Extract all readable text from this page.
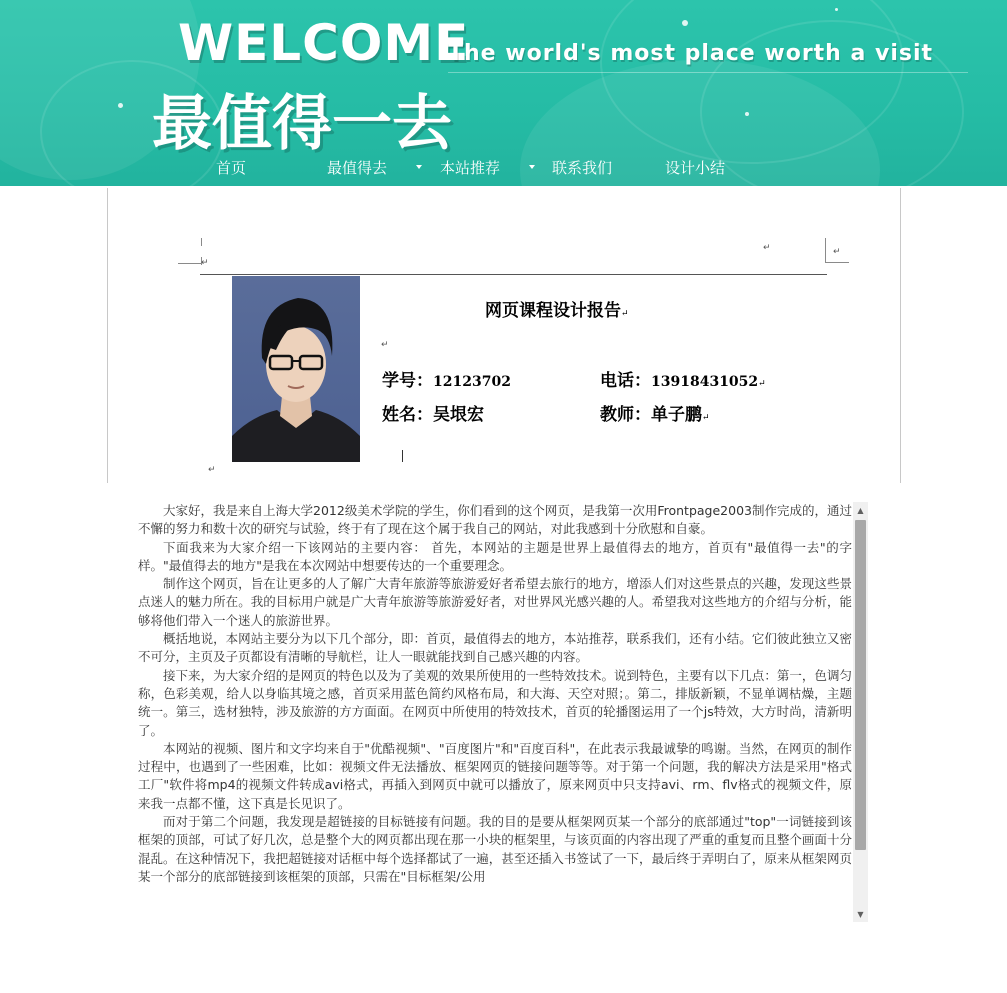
WELCOME
The world's most place worth a visit
最值得一去
首页	最值得去	本站推荐	联系我们	设计小结
↵
↵	↵
网页课程设计报告↵
↵
学号：12123702	电话：13918431052↵
姓名：吴垠宏	教师：单子鹏↵
↵

大家好，我是来自上海大学2012级美术学院的学生，你们看到的这个网页，是我第一次用Frontpage2003制作完成的，通过不懈的努力和数十次的研究与试验，终于有了现在这个属于我自己的网站，对此我感到十分欣慰和自豪。

下面我来为大家介绍一下该网站的主要内容： 首先，本网站的主题是世界上最值得去的地方，首页有"最值得一去"的字样。"最值得去的地方"是我在本次网站中想要传达的一个重要理念。

制作这个网页，旨在让更多的人了解广大青年旅游等旅游爱好者希望去旅行的地方，增添人们对这些景点的兴趣，发现这些景点迷人的魅力所在。我的目标用户就是广大青年旅游等旅游爱好者，对世界风光感兴趣的人。希望我对这些地方的介绍与分析，能够将他们带入一个迷人的旅游世界。

概括地说，本网站主要分为以下几个部分，即：首页，最值得去的地方，本站推荐，联系我们，还有小结。它们彼此独立又密不可分，主页及子页都设有清晰的导航栏，让人一眼就能找到自己感兴趣的内容。

接下来，为大家介绍的是网页的特色以及为了美观的效果所使用的一些特效技术。说到特色，主要有以下几点：第一，色调匀称，色彩美观，给人以身临其境之感，首页采用蓝色简约风格布局，和大海、天空对照；。第二，排版新颖，不显单调枯燥，主题统一。第三，选材独特，涉及旅游的方方面面。在网页中所使用的特效技术，首页的轮播图运用了一个js特效，大方时尚，清新明了。

本网站的视频、图片和文字均来自于"优酷视频"、"百度图片"和"百度百科"，在此表示我最诚挚的鸣谢。当然，在网页的制作过程中，也遇到了一些困难，比如：视频文件无法播放、框架网页的链接问题等等。对于第一个问题，我的解决方法是采用"格式工厂"软件将mp4的视频文件转成avi格式，再插入到网页中就可以播放了，原来网页中只支持avi、rm、flv格式的视频文件，原来我一点都不懂，这下真是长见识了。

而对于第二个问题，我发现是超链接的目标链接有问题。我的目的是要从框架网页某一个部分的底部通过"top"一词链接到该框架的顶部，可试了好几次，总是整个大的网页都出现在那一小块的框架里，与该页面的内容出现了严重的重复而且整个画面十分混乱。在这种情况下，我把超链接对话框中每个选择都试了一遍，甚至还插入书签试了一下，最后终于弄明白了，原来从框架网页某一个部分的底部链接到该框架的顶部，只需在"目标框架/公用

▲
▼
